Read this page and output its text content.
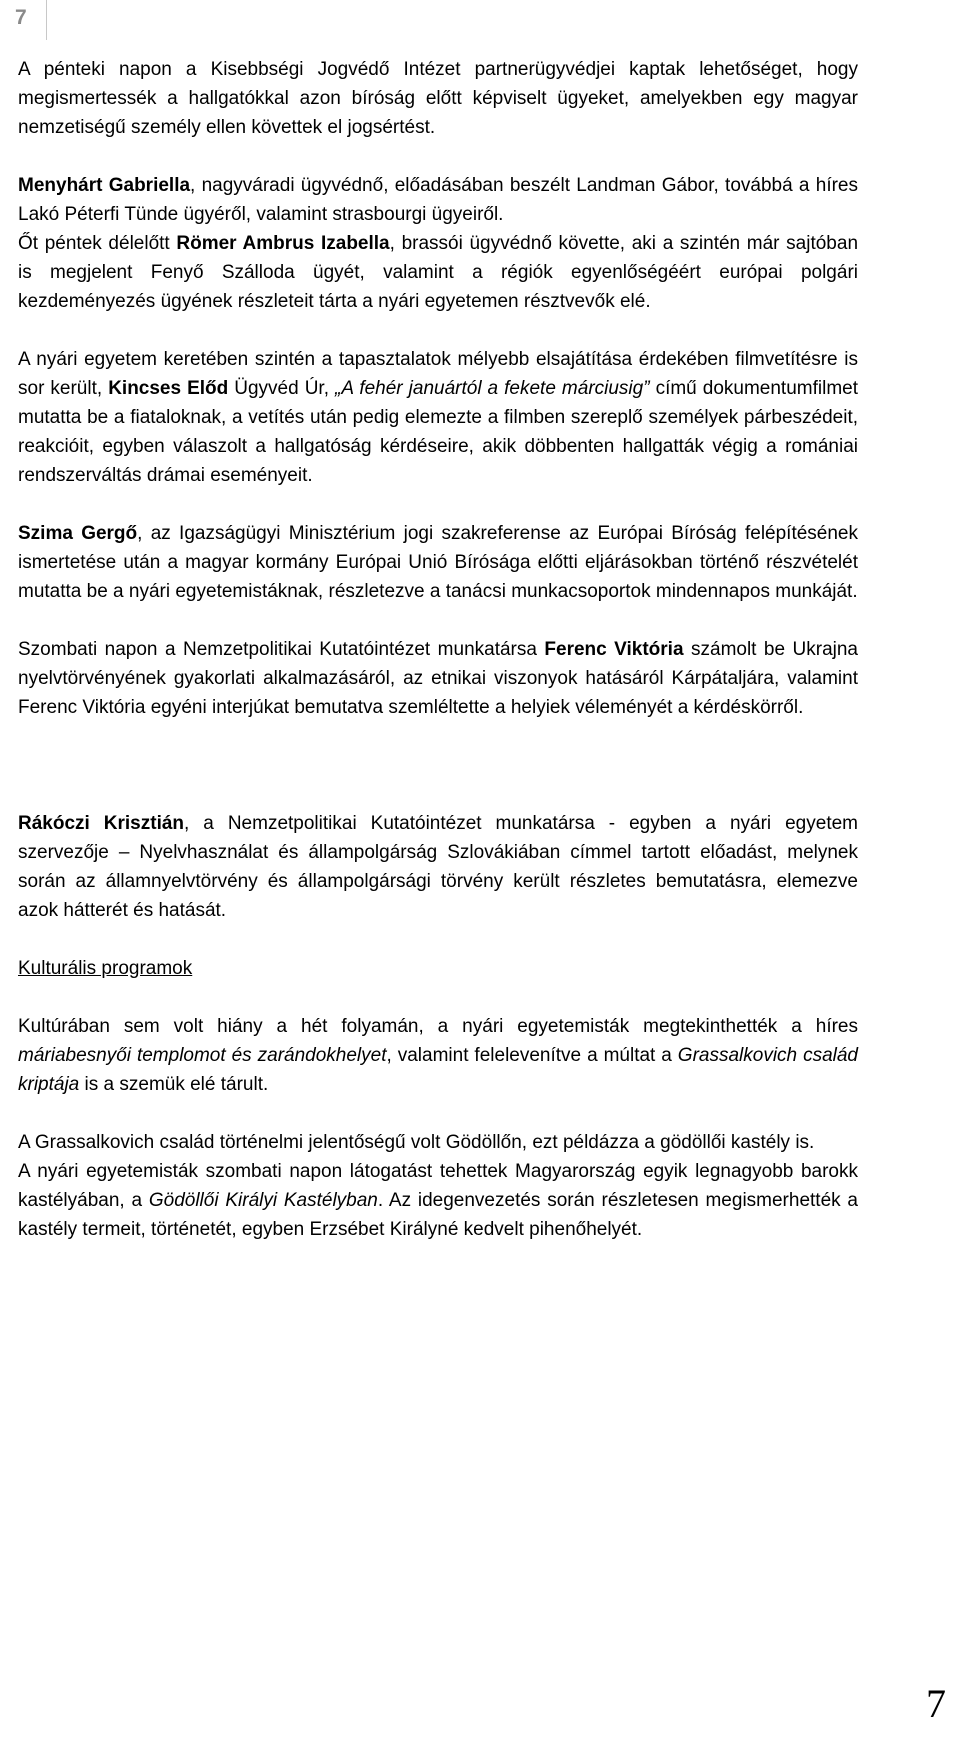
7

A pénteki napon a Kisebbségi Jogvédő Intézet partnerügyvédjei kaptak lehetőséget, hogy megismertessék a hallgatókkal azon bíróság előtt képviselt ügyeket, amelyekben egy magyar nemzetiségű személy ellen követtek el jogsértést.

Menyhárt Gabriella, nagyváradi ügyvédnő, előadásában beszélt Landman Gábor, továbbá a híres Lakó Péterfi Tünde ügyéről, valamint strasbourgi ügyeiről.

Őt péntek délelőtt Römer Ambrus Izabella, brassói ügyvédnő követte, aki a szintén már sajtóban is megjelent Fenyő Szálloda ügyét, valamint a régiók egyenlőségéért európai polgári kezdeményezés ügyének részleteit tárta a nyári egyetemen résztvevők elé.

A nyári egyetem keretében szintén a tapasztalatok mélyebb elsajátítása érdekében filmvetítésre is sor került, Kincses Előd Ügyvéd Úr, „A fehér januártól a fekete márciusig” című dokumentumfilmet mutatta be a fiataloknak, a vetítés után pedig elemezte a filmben szereplő személyek párbeszédeit, reakcióit, egyben válaszolt a hallgatóság kérdéseire, akik döbbenten hallgatták végig a romániai rendszerváltás drámai eseményeit.

Szima Gergő, az Igazságügyi Minisztérium jogi szakreferense az Európai Bíróság felépítésének ismertetése után a magyar kormány Európai Unió Bírósága előtti eljárásokban történő részvételét mutatta be a nyári egyetemistáknak, részletezve a tanácsi munkacsoportok mindennapos munkáját.

Szombati napon a Nemzetpolitikai Kutatóintézet munkatársa Ferenc Viktória számolt be Ukrajna nyelvtörvényének gyakorlati alkalmazásáról, az etnikai viszonyok hatásáról Kárpátaljára, valamint Ferenc Viktória egyéni interjúkat bemutatva szemléltette a helyiek véleményét a kérdéskörről.

Rákóczi Krisztián, a Nemzetpolitikai Kutatóintézet munkatársa - egyben a nyári egyetem szervezője – Nyelvhasználat és állampolgárság Szlovákiában címmel tartott előadást, melynek során az államnyelvtörvény és állampolgársági törvény került részletes bemutatásra, elemezve azok hátterét és hatását.

Kulturális programok

Kultúrában sem volt hiány a hét folyamán, a nyári egyetemisták megtekinthették a híres máriabesnyői templomot és zarándokhelyet, valamint felelevenítve a múltat a Grassalkovich család kriptája is a szemük elé tárult.

A Grassalkovich család történelmi jelentőségű volt Gödöllőn, ezt példázza a gödöllői kastély is.

A nyári egyetemisták szombati napon látogatást tehettek Magyarország egyik legnagyobb barokk kastélyában, a Gödöllői Királyi Kastélyban. Az idegenvezetés során részletesen megismerhették a kastély termeit, történetét, egyben Erzsébet Királyné kedvelt pihenőhelyét.

7
